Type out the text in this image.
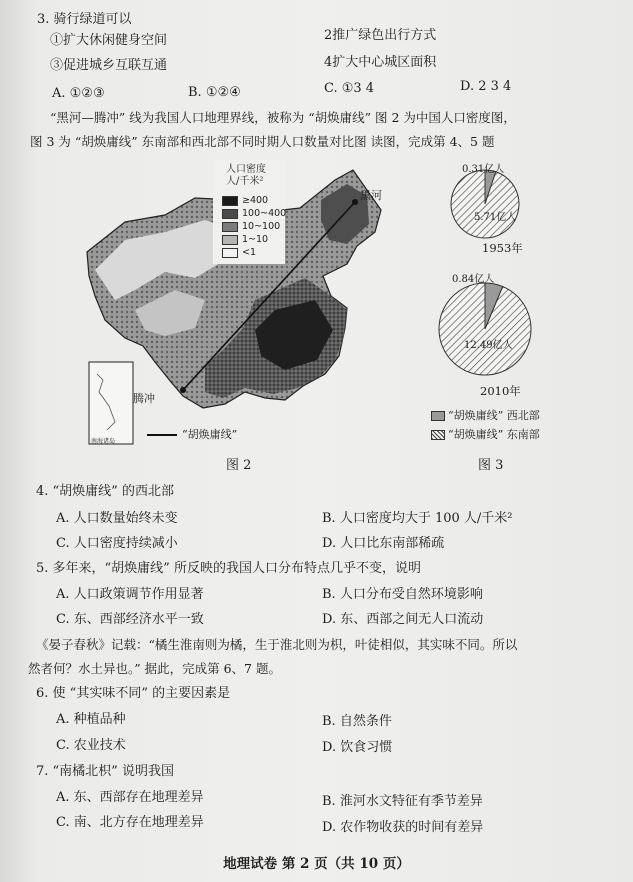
3. 骑行绿道可以
①扩大休闲健身空间	2推广绿色出行方式
③促进城乡互联互通	4扩大中心城区面积
A. ①②③	B. ①②④	C. ①3 4	D. 2 3 4
“黑河—腾冲” 线为我国人口地理界线，被称为 “胡焕庸线” 图 2 为中国人口密度图，
图 3 为 “胡焕庸线” 东南部和西北部不同时期人口数量对比图 读图，完成第 4、5 题
人口密度
人/千米²
≥400
100~400
10~100
1~10
<1
黑河
腾冲
南海诸岛
“胡焕庸线”
图 2
0.31亿人
5.71亿人
1953年
0.84亿人
12.49亿人
2010年
“胡焕庸线” 西北部
“胡焕庸线” 东南部
图 3
4. “胡焕庸线” 的西北部
A. 人口数量始终未变	B. 人口密度均大于 100 人/千米²
C. 人口密度持续减小	D. 人口比东南部稀疏
5. 多年来，“胡焕庸线” 所反映的我国人口分布特点几乎不变，说明
A. 人口政策调节作用显著	B. 人口分布受自然环境影响
C. 东、西部经济水平一致	D. 东、西部之间无人口流动
《晏子春秋》记载：“橘生淮南则为橘，生于淮北则为枳，叶徒相似，其实味不同。所以
然者何？水土异也。” 据此，完成第 6、7 题。
6. 使 “其实味不同” 的主要因素是
A. 种植品种	B. 自然条件
C. 农业技术	D. 饮食习惯
7. “南橘北枳” 说明我国
A. 东、西部存在地理差异	B. 淮河水文特征有季节差异
C. 南、北方存在地理差异	D. 农作物收获的时间有差异
地理试卷 第 2 页（共 10 页）
